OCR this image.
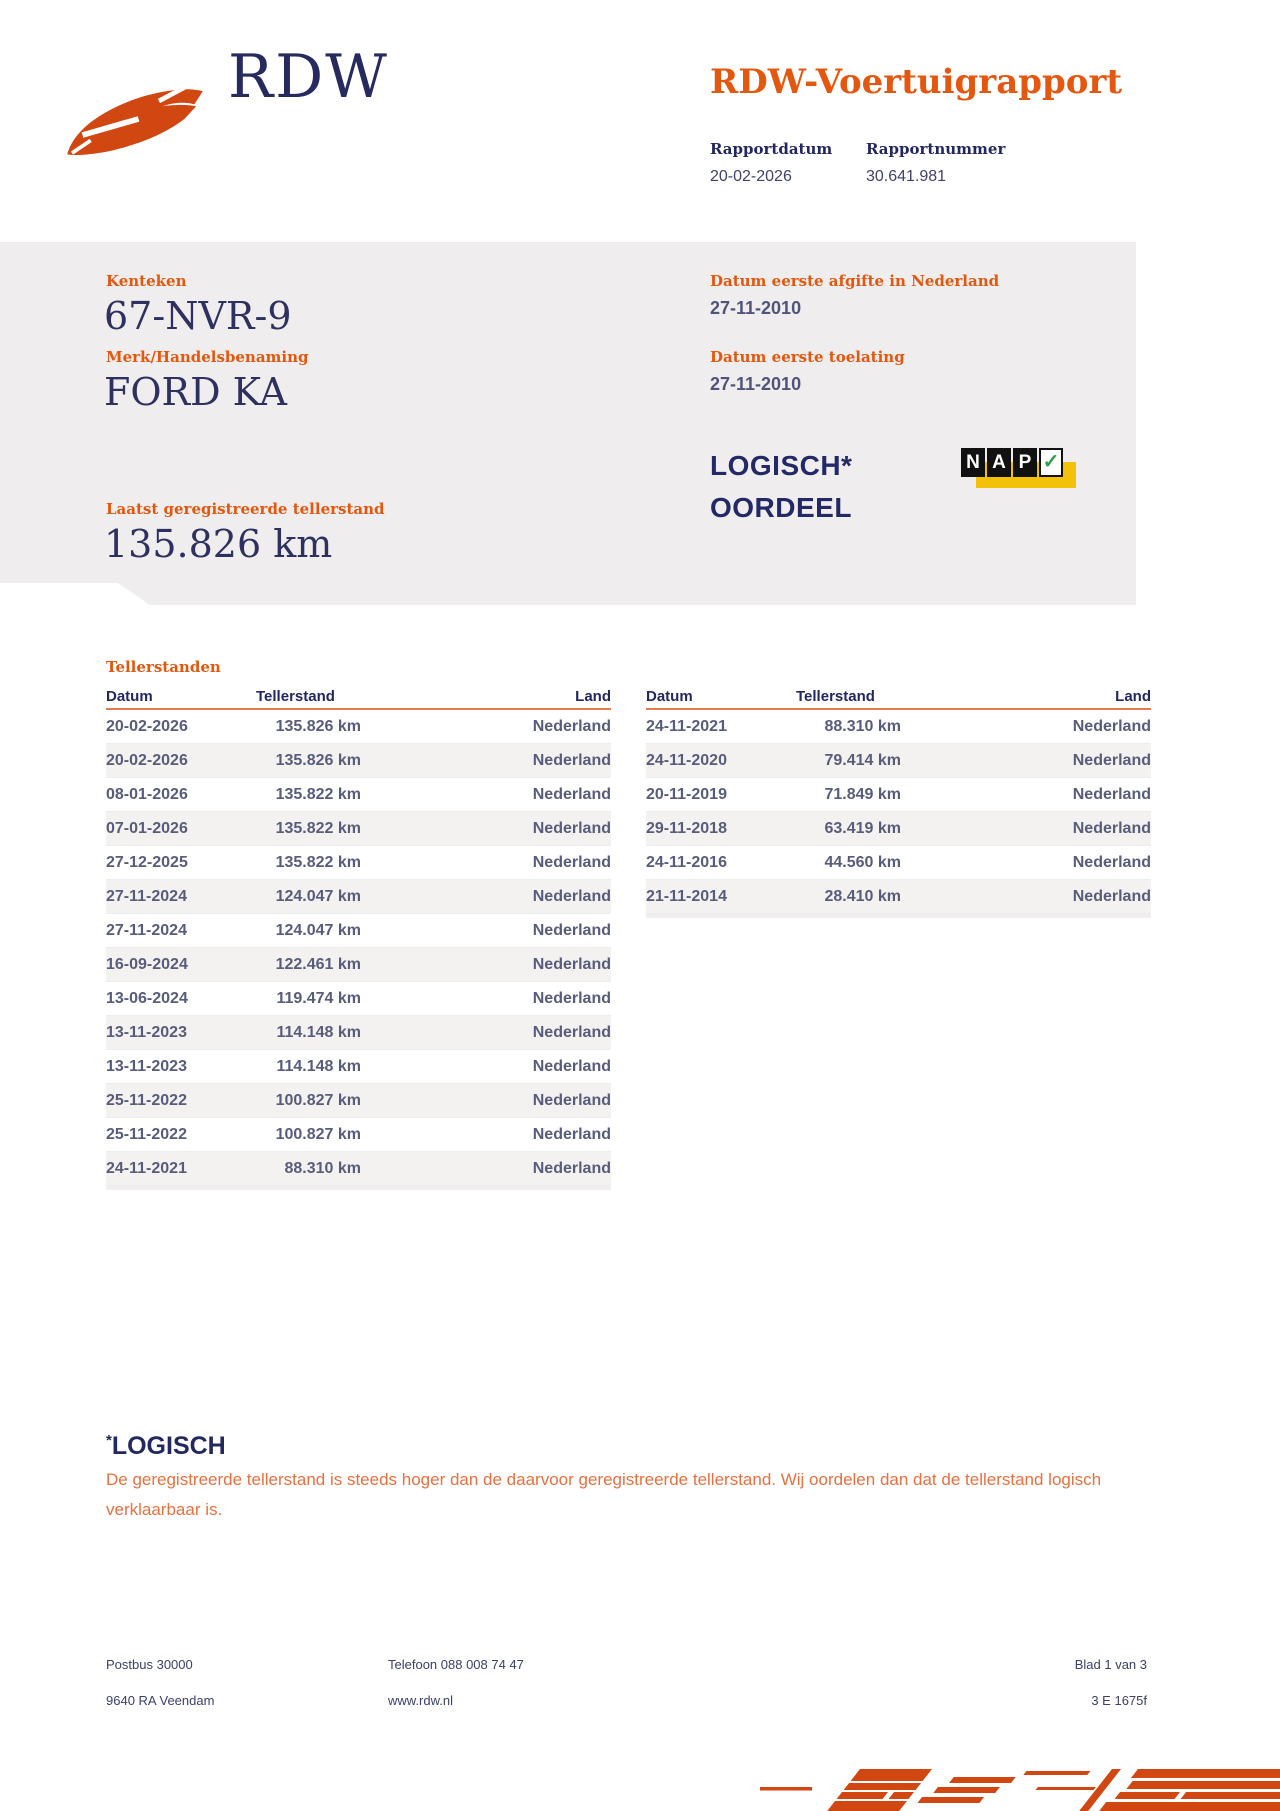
RDW	RDW-Voertuigrapport
Rapportdatum Rapportnummer
20-02-2026	30.641.981
Kenteken
67-NVR-9
Merk/Handelsbenaming
FORD KA
Laatst geregistreerde tellerstand
135.826 km
Datum eerste afgifte in Nederland
27-11-2010
Datum eerste toelating
27-11-2010
LOGISCH*
OORDEEL
N A P ✓
Tellerstanden
Datum	Tellerstand	Land
20-02-2026	135.826 km	Nederland
20-02-2026	135.826 km	Nederland
08-01-2026	135.822 km	Nederland
07-01-2026	135.822 km	Nederland
27-12-2025	135.822 km	Nederland
27-11-2024	124.047 km	Nederland
27-11-2024	124.047 km	Nederland
16-09-2024	122.461 km	Nederland
13-06-2024	119.474 km	Nederland
13-11-2023	114.148 km	Nederland
13-11-2023	114.148 km	Nederland
25-11-2022	100.827 km	Nederland
25-11-2022	100.827 km	Nederland
24-11-2021	88.310 km	Nederland
Datum	Tellerstand	Land
24-11-2021	88.310 km	Nederland
24-11-2020	79.414 km	Nederland
20-11-2019	71.849 km	Nederland
29-11-2018	63.419 km	Nederland
24-11-2016	44.560 km	Nederland
21-11-2014	28.410 km	Nederland
*LOGISCH
De geregistreerde tellerstand is steeds hoger dan de daarvoor geregistreerde tellerstand. Wij oordelen dan dat de tellerstand logisch verklaarbaar is.
Postbus 30000
9640 RA Veendam
Telefoon 088 008 74 47
www.rdw.nl
Blad 1 van 3
3 E 1675f
